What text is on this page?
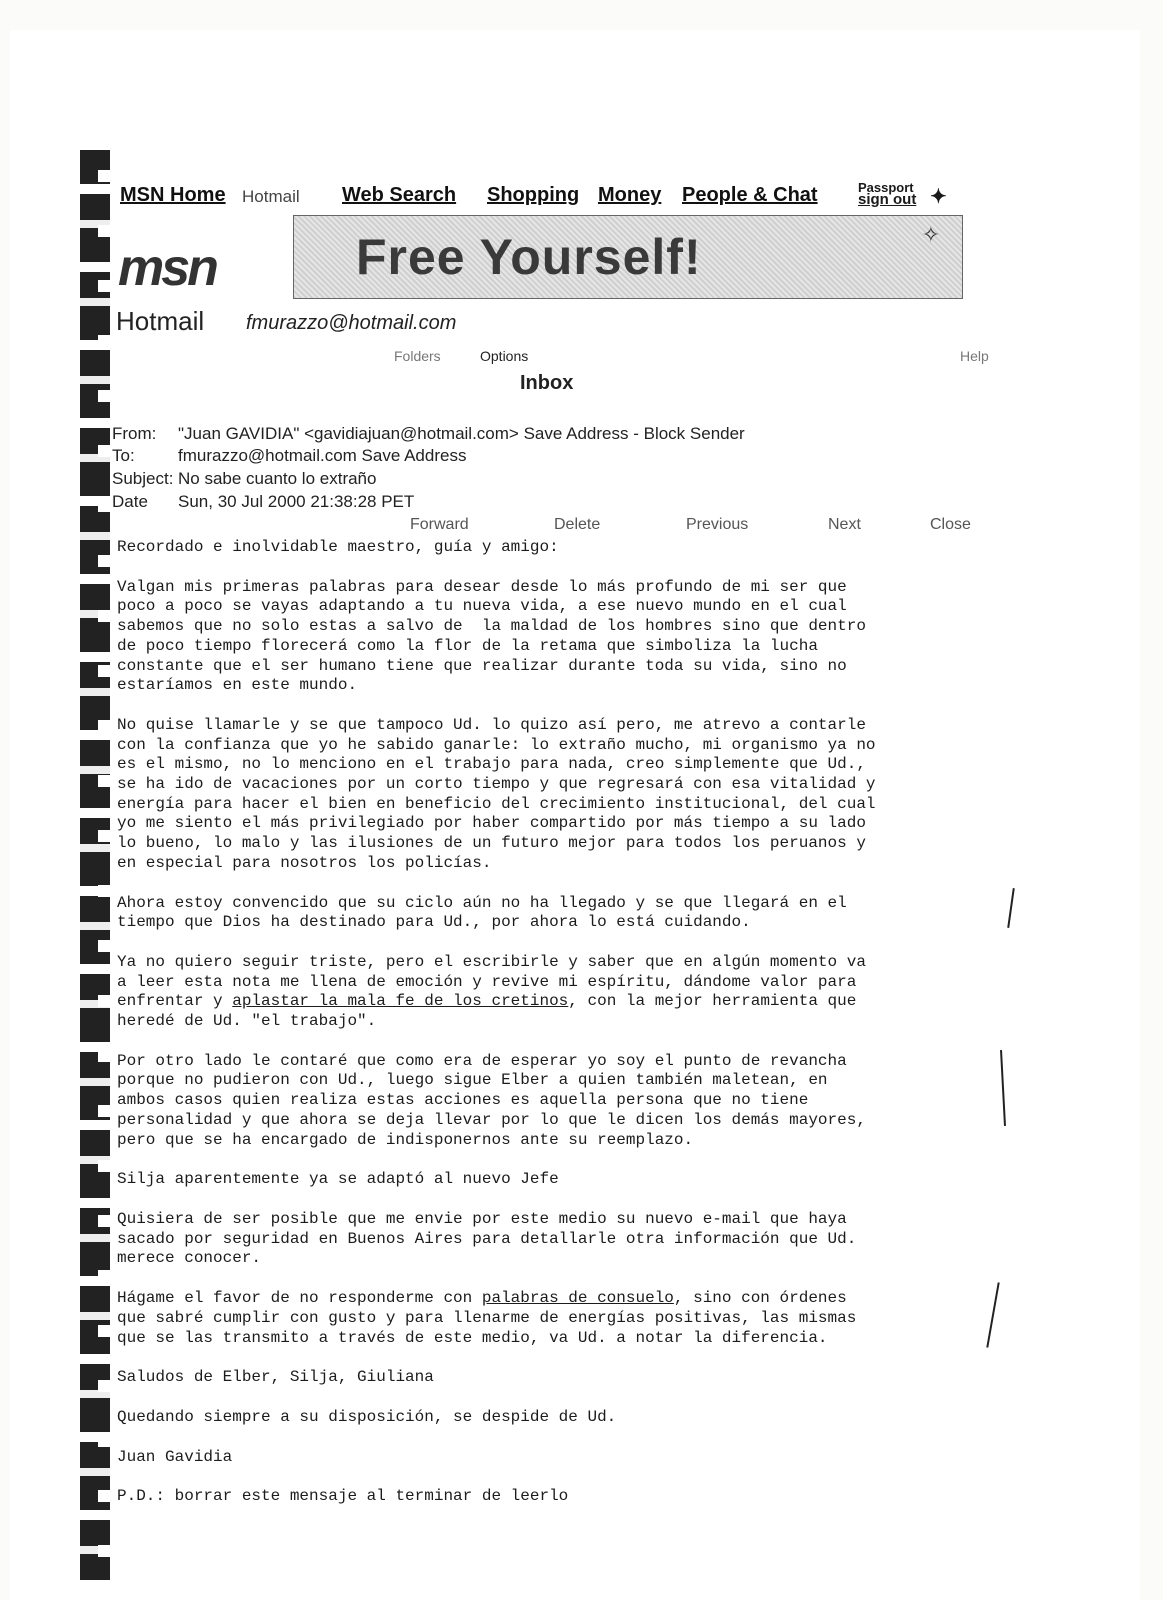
MSN Home Hotmail Web Search Shopping Money People & Chat	Passport
sign out ✦
msn	Free Yourself!	✧
Hotmail fmurazzo@hotmail.com
Folders	Options	Help
Inbox
From: "Juan GAVIDIA" <gavidiajuan@hotmail.com> Save Address - Block Sender
To:	fmurazzo@hotmail.com Save Address
Subject: No sabe cuanto lo extraño
Date Sun, 30 Jul 2000 21:38:28 PET
Forward	Delete	Previous	Next	Close

Recordado e inolvidable maestro, guía y amigo:

Valgan mis primeras palabras para desear desde lo más profundo de mi ser que

poco a poco se vayas adaptando a tu nueva vida, a ese nuevo mundo en el cual

sabemos que no solo estas a salvo de  la maldad de los hombres sino que dentro

de poco tiempo florecerá como la flor de la retama que simboliza la lucha

constante que el ser humano tiene que realizar durante toda su vida, sino no

estaríamos en este mundo.

No quise llamarle y se que tampoco Ud. lo quizo así pero, me atrevo a contarle

con la confianza que yo he sabido ganarle: lo extraño mucho, mi organismo ya no

es el mismo, no lo menciono en el trabajo para nada, creo simplemente que Ud.,

se ha ido de vacaciones por un corto tiempo y que regresará con esa vitalidad y

energía para hacer el bien en beneficio del crecimiento institucional, del cual

yo me siento el más privilegiado por haber compartido por más tiempo a su lado

lo bueno, lo malo y las ilusiones de un futuro mejor para todos los peruanos y

en especial para nosotros los policías.

Ahora estoy convencido que su ciclo aún no ha llegado y se que llegará en el

tiempo que Dios ha destinado para Ud., por ahora lo está cuidando.

Ya no quiero seguir triste, pero el escribirle y saber que en algún momento va

a leer esta nota me llena de emoción y revive mi espíritu, dándome valor para

enfrentar y aplastar la mala fe de los cretinos, con la mejor herramienta que

heredé de Ud. "el trabajo".

Por otro lado le contaré que como era de esperar yo soy el punto de revancha

porque no pudieron con Ud., luego sigue Elber a quien también maletean, en

ambos casos quien realiza estas acciones es aquella persona que no tiene

personalidad y que ahora se deja llevar por lo que le dicen los demás mayores,

pero que se ha encargado de indisponernos ante su reemplazo.

Silja aparentemente ya se adaptó al nuevo Jefe

Quisiera de ser posible que me envie por este medio su nuevo e-mail que haya

sacado por seguridad en Buenos Aires para detallarle otra información que Ud.

merece conocer.

Hágame el favor de no responderme con palabras de consuelo, sino con órdenes

que sabré cumplir con gusto y para llenarme de energías positivas, las mismas

que se las transmito a través de este medio, va Ud. a notar la diferencia.

Saludos de Elber, Silja, Giuliana

Quedando siempre a su disposición, se despide de Ud.

Juan Gavidia

P.D.: borrar este mensaje al terminar de leerlo
